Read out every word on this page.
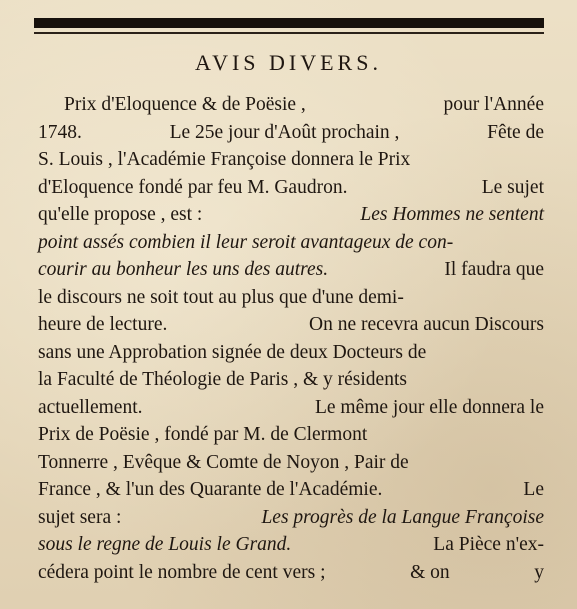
AVIS DIVERS.
Prix d'Eloquence & de Poësie ,	pour l'Année
1748.	Le 25e jour d'Août prochain ,	Fête de
S. Louis , l'Académie Françoise donnera le Prix
d'Eloquence fondé par feu M. Gaudron.	Le sujet
qu'elle propose , est :	Les Hommes ne sentent
point assés combien il leur seroit avantageux de con-
courir au bonheur les uns des autres.	Il faudra que
le discours ne soit tout au plus que d'une demi-
heure de lecture.	On ne recevra aucun Discours
sans une Approbation signée de deux Docteurs de
la Faculté de Théologie de Paris , & y résidents
actuellement.	Le même jour elle donnera le
Prix de Poësie , fondé par M. de Clermont
Tonnerre , Evêque & Comte de Noyon , Pair de
France , & l'un des Quarante de l'Académie.	Le
sujet sera :	Les progrès de la Langue Françoise
sous le regne de Louis le Grand.	La Pièce n'ex-
cédera point le nombre de cent vers ;	& on	y
